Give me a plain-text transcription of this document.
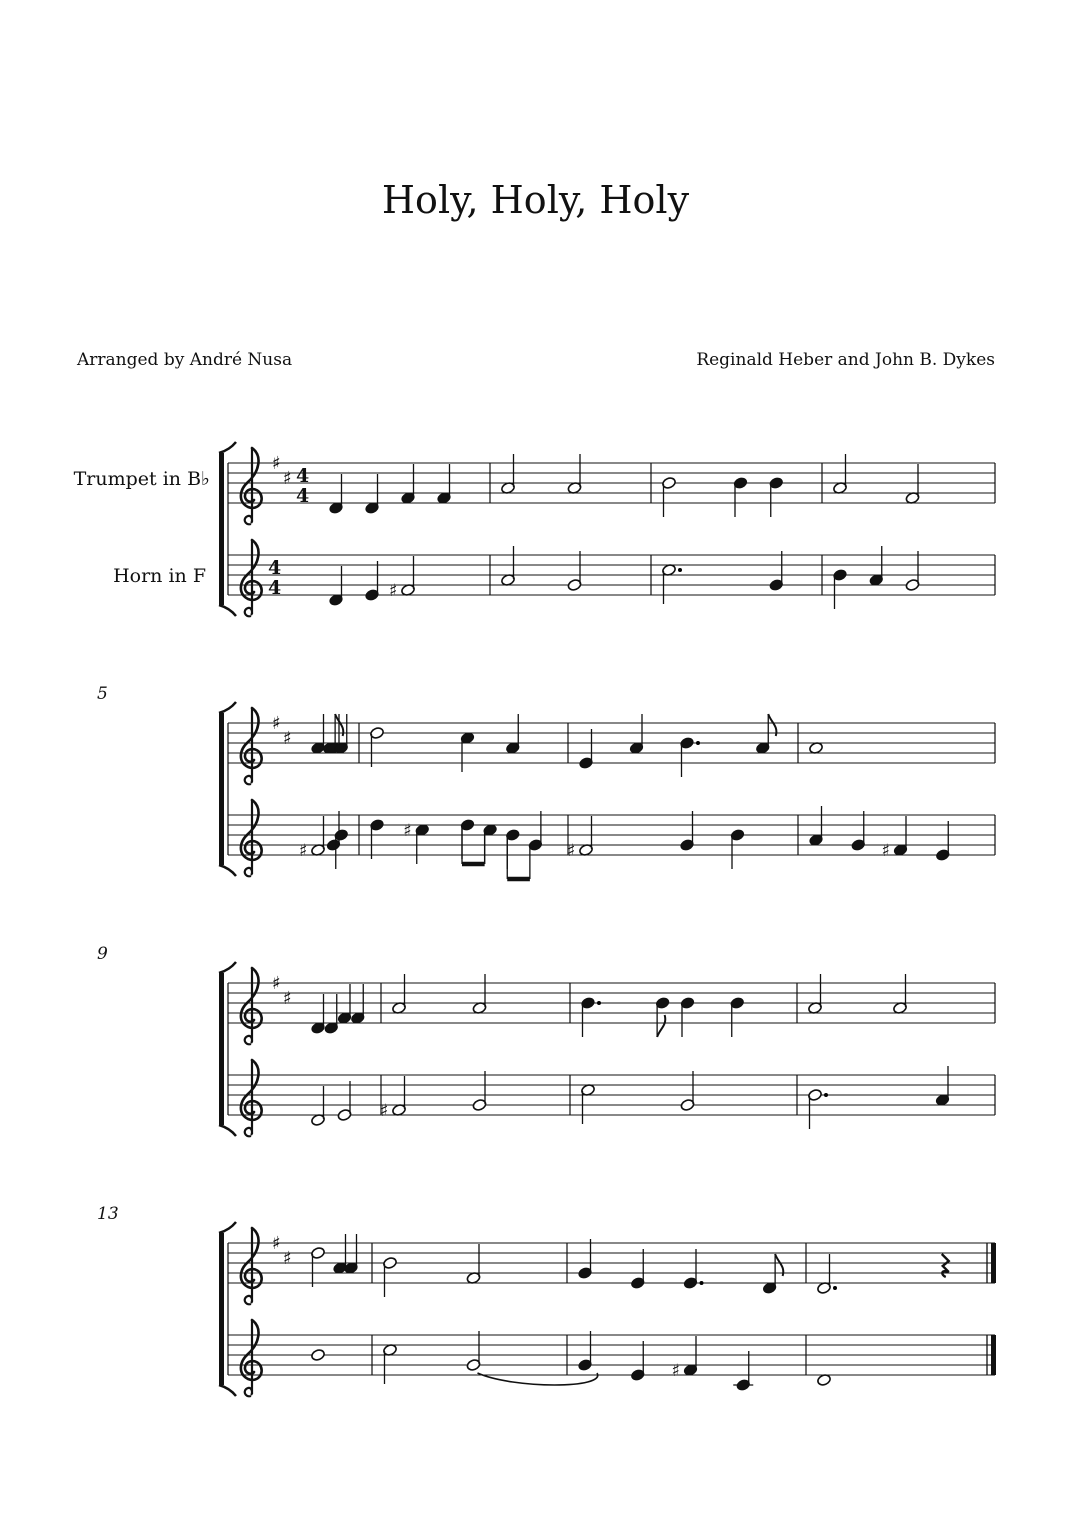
Holy, Holy, Holy
Arranged by André Nusa	Reginald Heber and John B. Dykes
Trumpet in B♭
Horn in F
♯
♯ 4
4
4
4	♯
♯
♯
5
♯
♯
♯	♯
♯
♯
9
♯
♯
♯
13
♯
